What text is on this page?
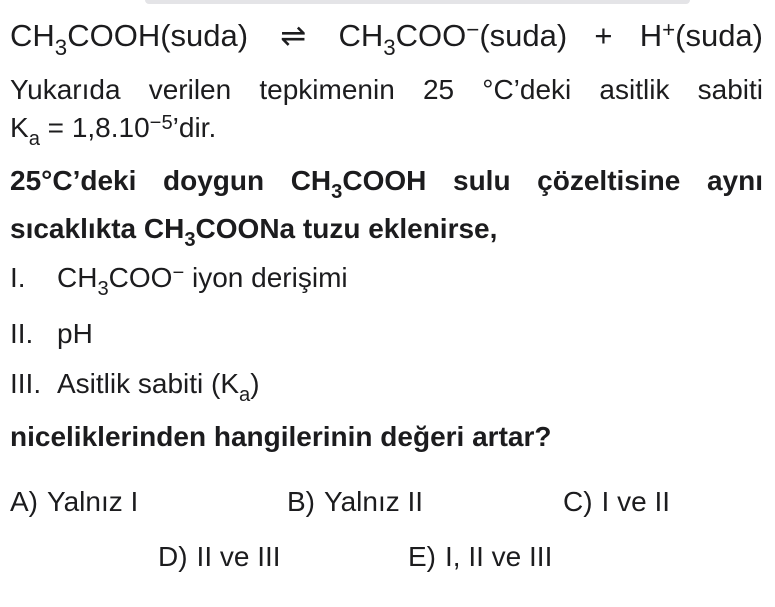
$CH_3COOH(suda)$ ⇌ $CH_3COO^-(suda)$ + H+(suda)
Yukarıda verilen tepkimenin 25 °C’deki asitlik sabiti
$K_a$ = $1,8.10^{-5}’dir$.
25°C’deki doygun $CH_3COOH$ sulu çözeltisine aynı
sıcaklıkta $CH_3COONa$ tuzu eklenirse,
I.	$CH_3COO^-$ iyon derişimi
II. pH
III. Asitlik sabiti $(K_a)$
niceliklerinden hangilerinin değeri artar?
A) Yalnız I	B) Yalnız II	C) I ve II
D) II ve III	E) I, II ve III
